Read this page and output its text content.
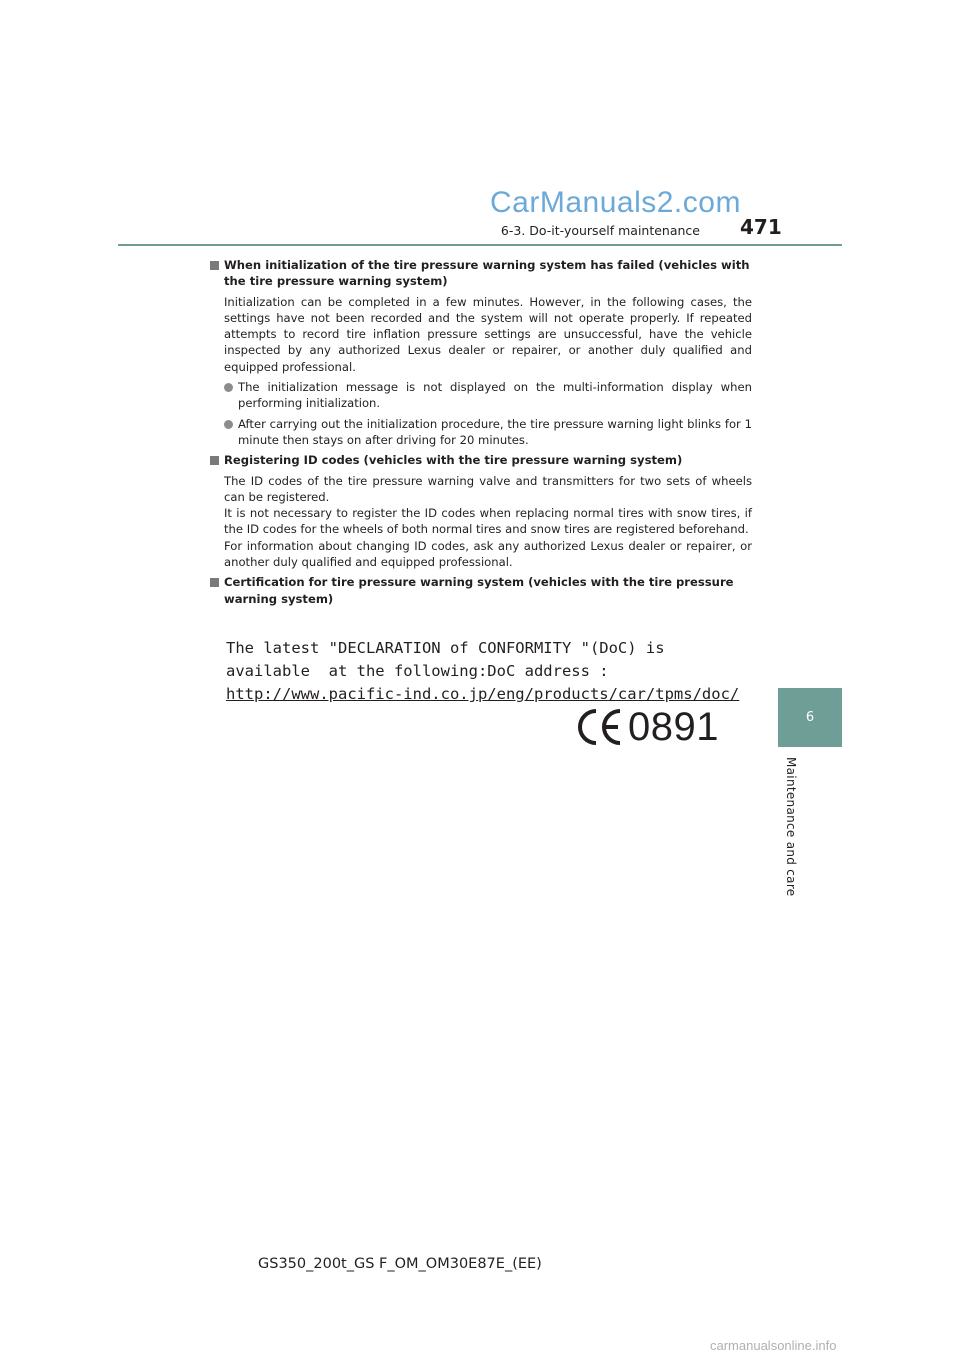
CarManuals2.com
6-3. Do-it-yourself maintenance 471
6
Maintenance and care

When initialization of the tire pressure warning system has failed (vehicles with the tire pressure warning system)

Initialization can be completed in a few minutes. However, in the following cases, the settings have not been recorded and the system will not operate properly. If repeated attempts to record tire inflation pressure settings are unsuccessful, have the vehicle inspected by any authorized Lexus dealer or repairer, or another duly qualified and equipped professional.

The initialization message is not displayed on the multi-information display when performing initialization.

After carrying out the initialization procedure, the tire pressure warning light blinks for 1 minute then stays on after driving for 20 minutes.

Registering ID codes (vehicles with the tire pressure warning system)

The ID codes of the tire pressure warning valve and transmitters for two sets of wheels can be registered.

It is not necessary to register the ID codes when replacing normal tires with snow tires, if the ID codes for the wheels of both normal tires and snow tires are registered beforehand.

For information about changing ID codes, ask any authorized Lexus dealer or repairer, or another duly qualified and equipped professional.

Certification for tire pressure warning system (vehicles with the tire pressure warning system)

The latest "DECLARATION of CONFORMITY "(DoC) is
available  at the following:DoC address :
http://www.pacific-ind.co.jp/eng/products/car/tpms/doc/
0891
GS350_200t_GS F_OM_OM30E87E_(EE)
carmanualsonline.info
